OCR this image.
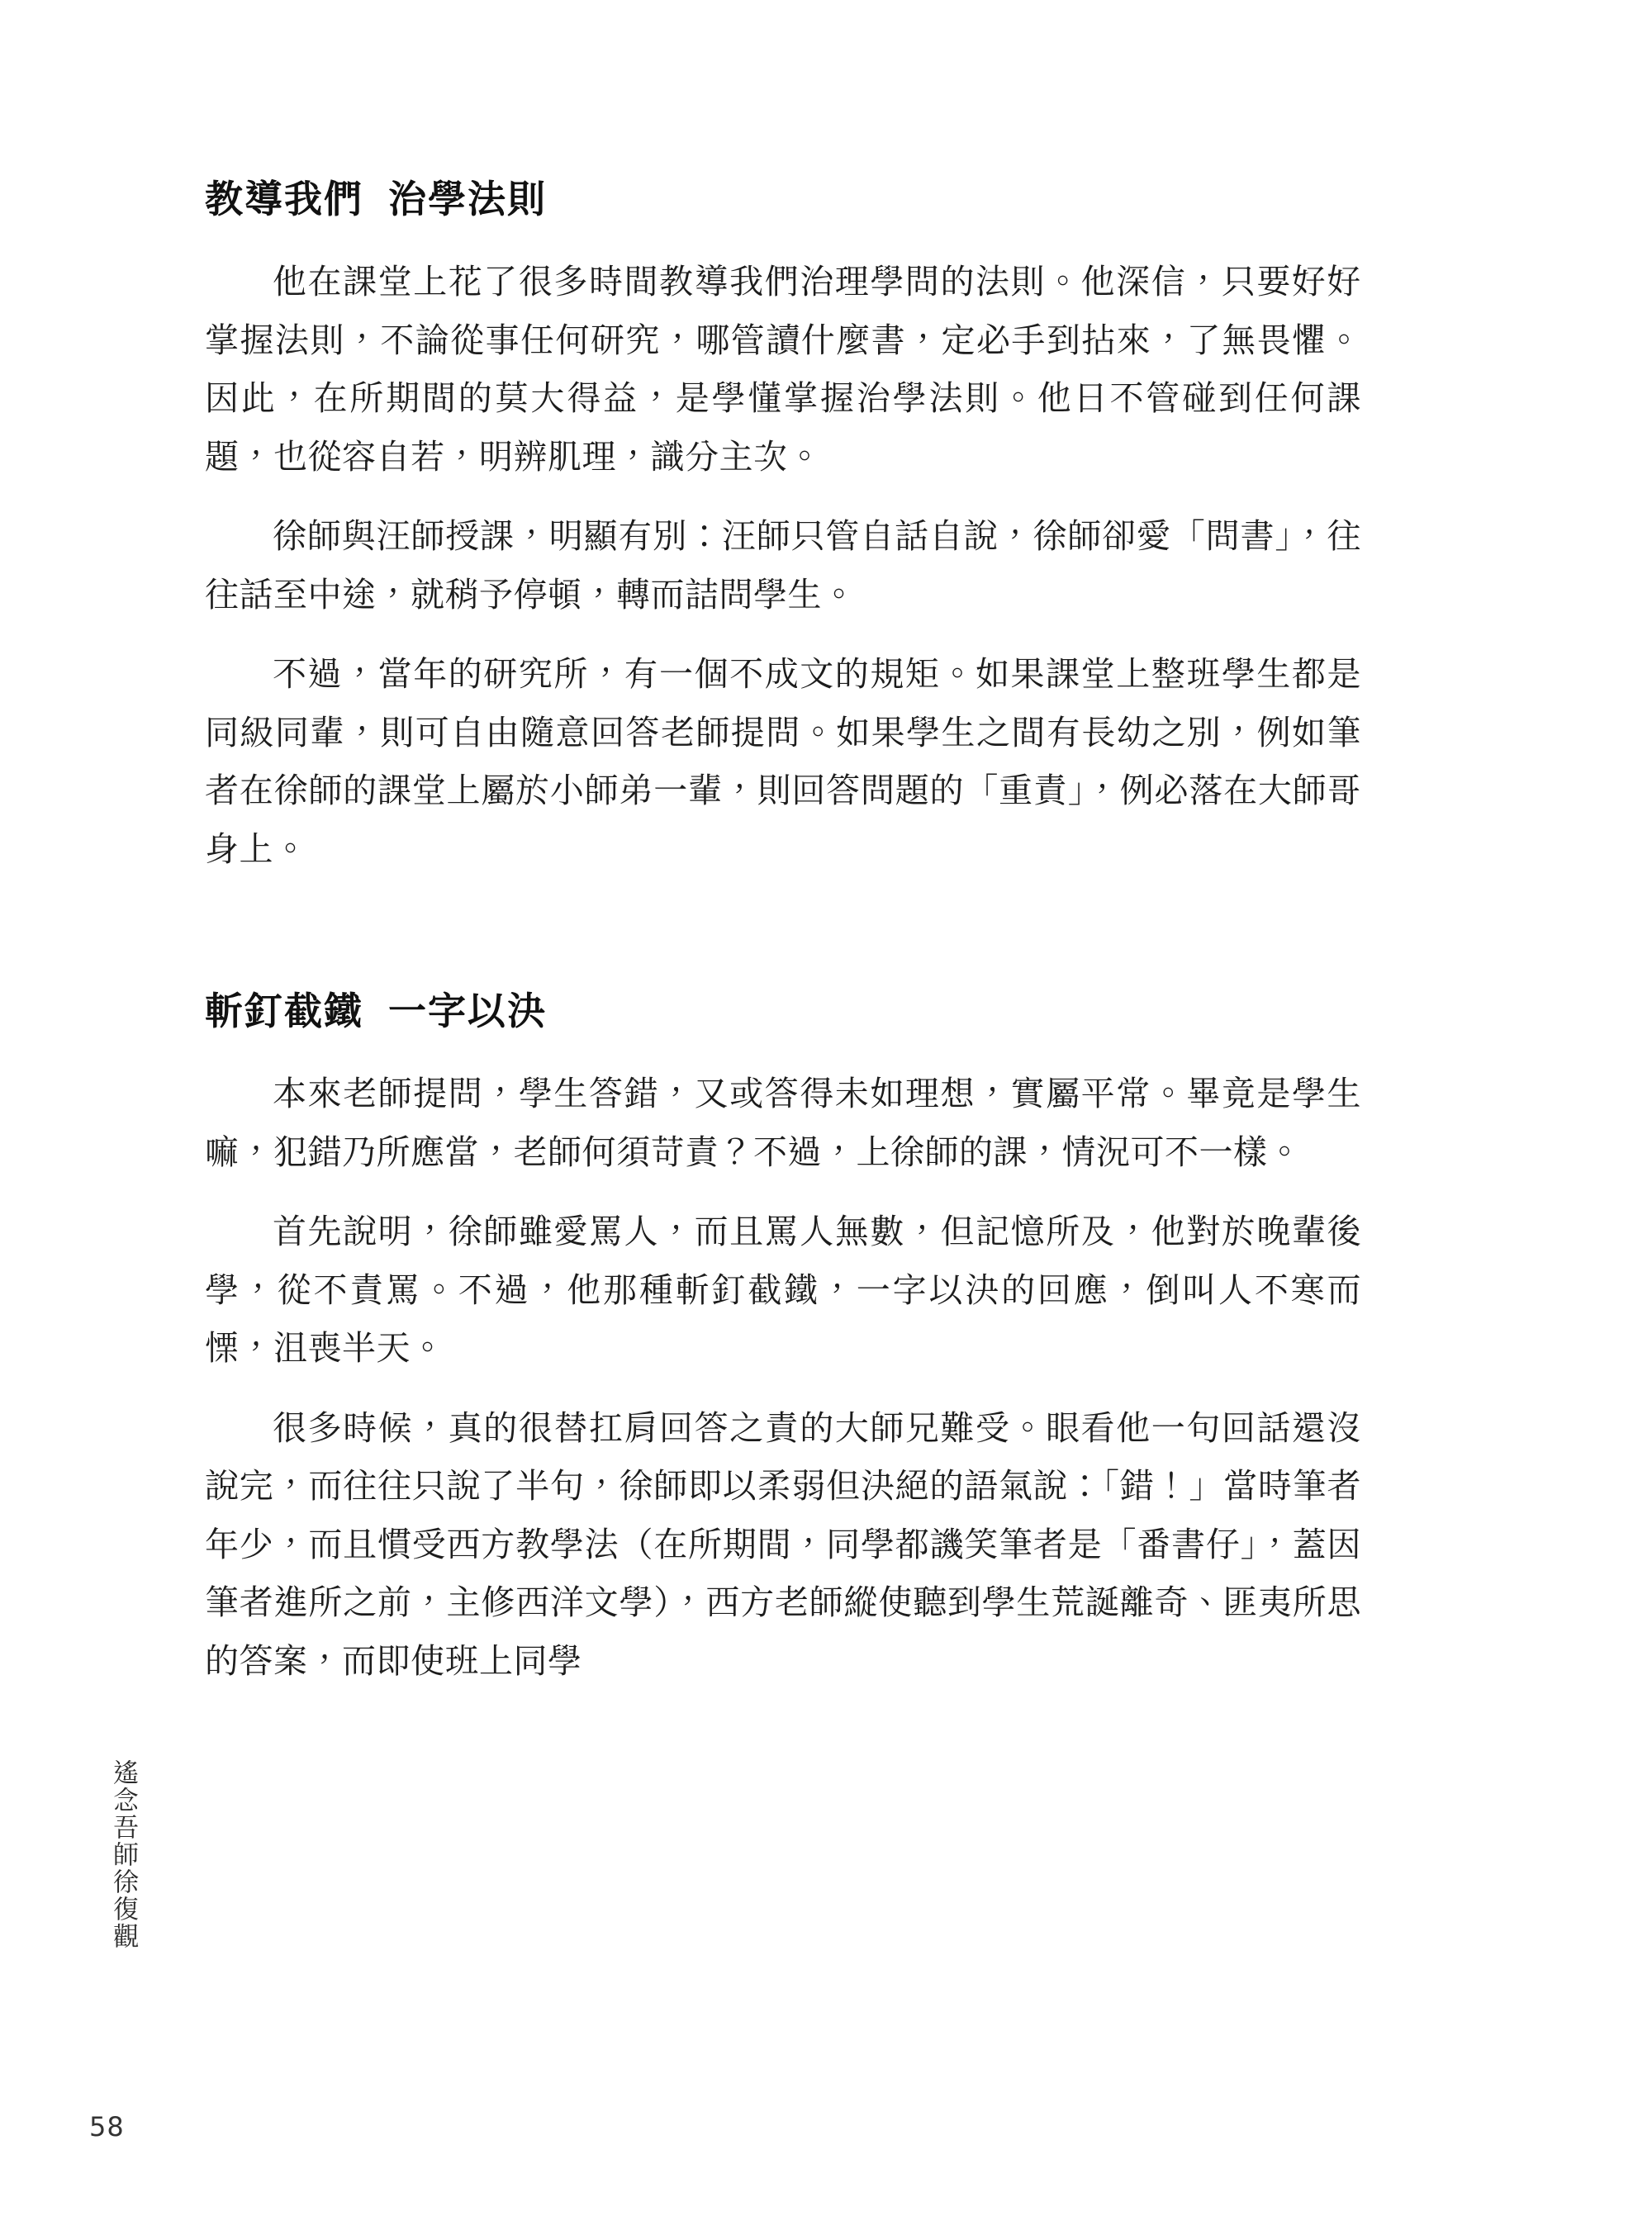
教導我們 治學法則

他在課堂上花了很多時間教導我們治理學問的法則。他深信，只要好好掌握法則，不論從事任何研究，哪管讀什麼書，定必手到拈來，了無畏懼。因此，在所期間的莫大得益，是學懂掌握治學法則。他日不管碰到任何課題，也從容自若，明辨肌理，識分主次。

徐師與汪師授課，明顯有別：汪師只管自話自說，徐師卻愛「問書」，往往話至中途，就稍予停頓，轉而詰問學生。

不過，當年的研究所，有一個不成文的規矩。如果課堂上整班學生都是同級同輩，則可自由隨意回答老師提問。如果學生之間有長幼之別，例如筆者在徐師的課堂上屬於小師弟一輩，則回答問題的「重責」，例必落在大師哥身上。

斬釘截鐵 一字以決

本來老師提問，學生答錯，又或答得未如理想，實屬平常。畢竟是學生嘛，犯錯乃所應當，老師何須苛責？不過，上徐師的課，情況可不一樣。

首先說明，徐師雖愛罵人，而且罵人無數，但記憶所及，他對於晚輩後學，從不責罵。不過，他那種斬釘截鐵，一字以決的回應，倒叫人不寒而慄，沮喪半天。

很多時候，真的很替扛肩回答之責的大師兄難受。眼看他一句回話還沒說完，而往往只說了半句，徐師即以柔弱但決絕的語氣說：「錯！」當時筆者年少，而且慣受西方教學法（在所期間，同學都譏笑筆者是「番書仔」，蓋因筆者進所之前，主修西洋文學），西方老師縱使聽到學生荒誕離奇、匪夷所思的答案，而即使班上同學

遙念吾師徐復觀
58
